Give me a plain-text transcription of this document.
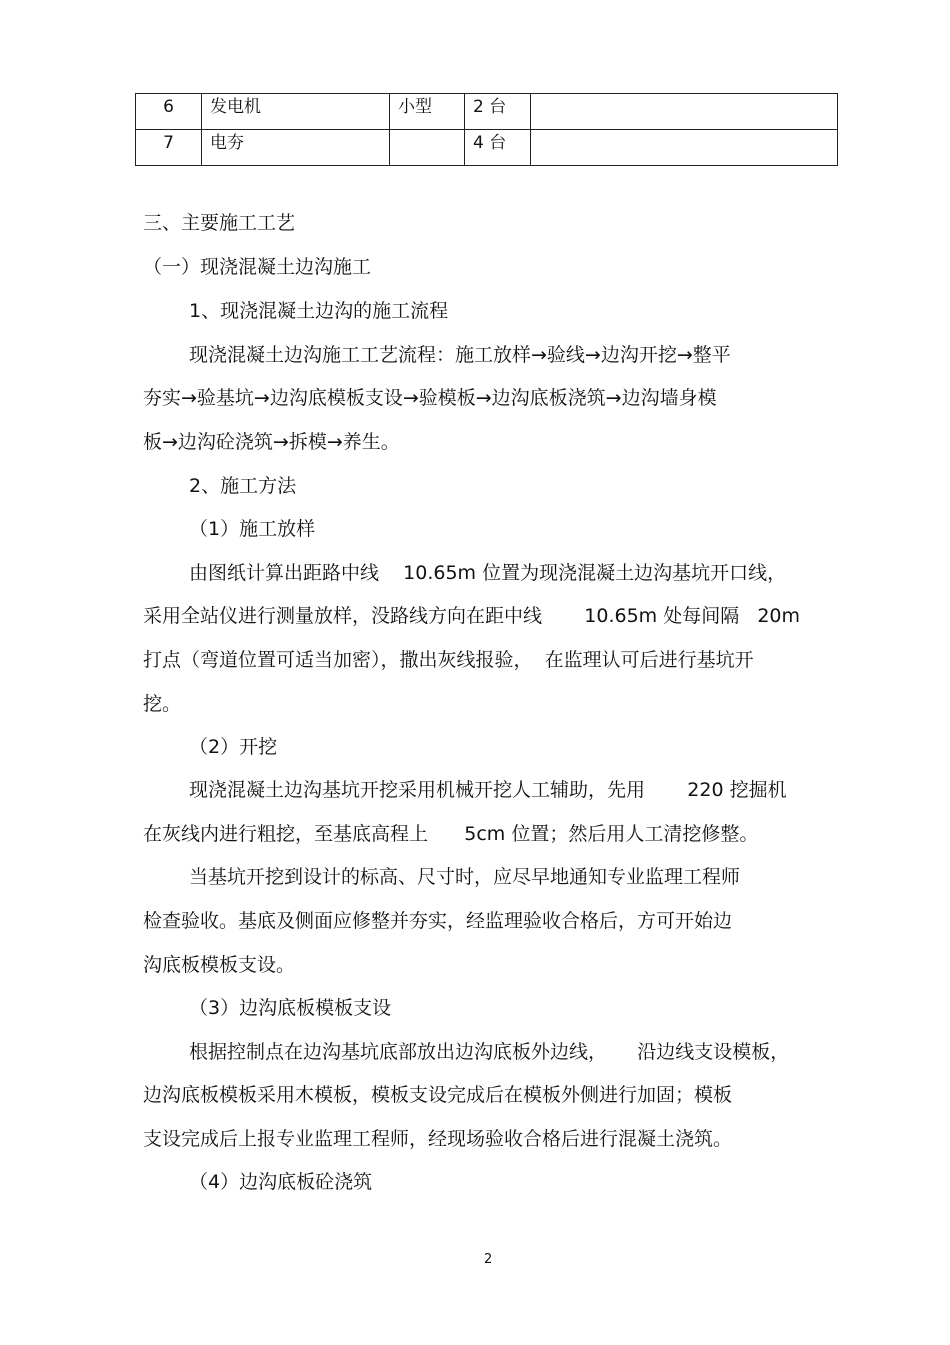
6	发电机	小型	2 台	
7	电夯		4 台	

三、主要施工工艺

（一）现浇混凝土边沟施工

1、现浇混凝土边沟的施工流程

现浇混凝土边沟施工工艺流程：施工放样→验线→边沟开挖→整平

夯实→验基坑→边沟底模板支设→验模板→边沟底板浇筑→边沟墙身模

板→边沟砼浇筑→拆模→养生。

2、施工方法

（1）施工放样

由图纸计算出距路中线    10.65m 位置为现浇混凝土边沟基坑开口线，

采用全站仪进行测量放样，没路线方向在距中线       10.65m 处每间隔   20m

打点（弯道位置可适当加密），撒出灰线报验，  在监理认可后进行基坑开

挖。

（2）开挖

现浇混凝土边沟基坑开挖采用机械开挖人工辅助，先用       220 挖掘机

在灰线内进行粗挖，至基底高程上      5cm 位置；然后用人工清挖修整。

当基坑开挖到设计的标高、尺寸时，应尽早地通知专业监理工程师

检查验收。基底及侧面应修整并夯实，经监理验收合格后，方可开始边

沟底板模板支设。

（3）边沟底板模板支设

根据控制点在边沟基坑底部放出边沟底板外边线，     沿边线支设模板，

边沟底板模板采用木模板，模板支设完成后在模板外侧进行加固；模板

支设完成后上报专业监理工程师，经现场验收合格后进行混凝土浇筑。

（4）边沟底板砼浇筑

2
